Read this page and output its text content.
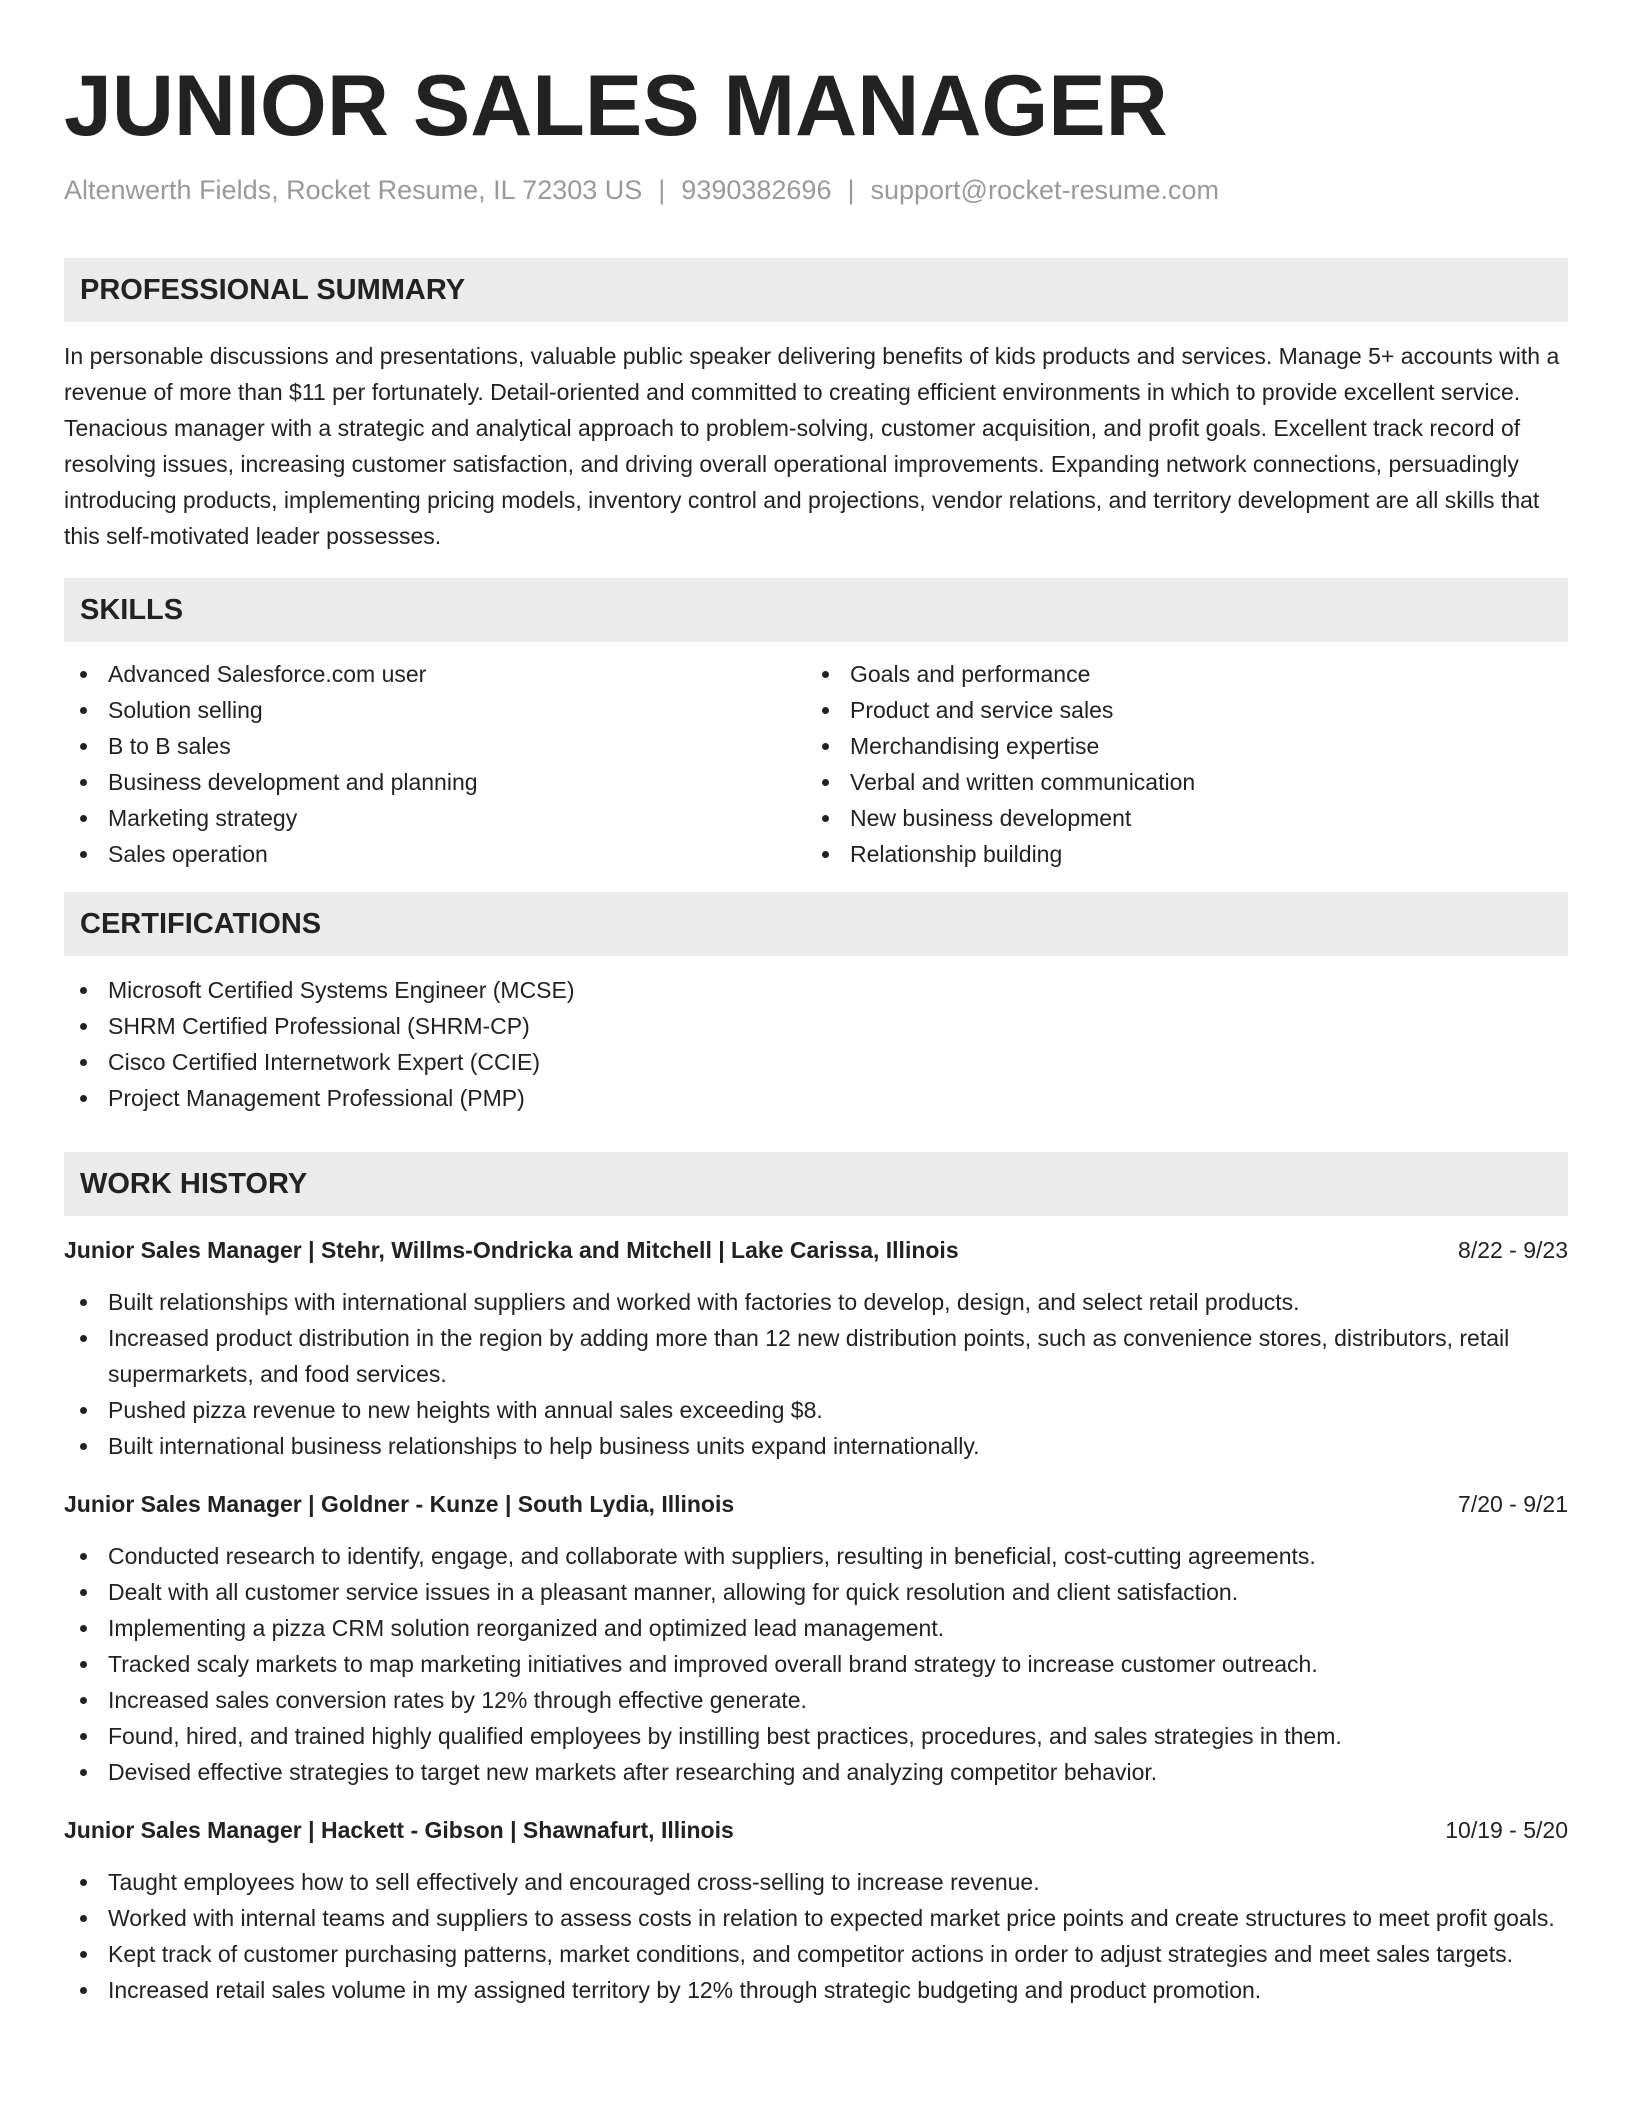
JUNIOR SALES MANAGER
Altenwerth Fields, Rocket Resume, IL 72303 US | 9390382696 | support@rocket-resume.com
PROFESSIONAL SUMMARY

In personable discussions and presentations, valuable public speaker delivering benefits of kids products and services. Manage 5+ accounts with a revenue of more than $11 per fortunately. Detail-oriented and committed to creating efficient environments in which to provide excellent service. Tenacious manager with a strategic and analytical approach to problem-solving, customer acquisition, and profit goals. Excellent track record of resolving issues, increasing customer satisfaction, and driving overall operational improvements. Expanding network connections, persuadingly introducing products, implementing pricing models, inventory control and projections, vendor relations, and territory development are all skills that this self-motivated leader possesses.

SKILLS
Advanced Salesforce.com user
Solution selling
B to B sales
Business development and planning
Marketing strategy
Sales operation
Goals and performance
Product and service sales
Merchandising expertise
Verbal and written communication
New business development
Relationship building
CERTIFICATIONS
Microsoft Certified Systems Engineer (MCSE)
SHRM Certified Professional (SHRM-CP)
Cisco Certified Internetwork Expert (CCIE)
Project Management Professional (PMP)
WORK HISTORY
Junior Sales Manager | Stehr, Willms-Ondricka and Mitchell | Lake Carissa, Illinois	8/22 - 9/23
Built relationships with international suppliers and worked with factories to develop, design, and select retail products.
Increased product distribution in the region by adding more than 12 new distribution points, such as convenience stores, distributors, retail supermarkets, and food services.
Pushed pizza revenue to new heights with annual sales exceeding $8.
Built international business relationships to help business units expand internationally.
Junior Sales Manager | Goldner - Kunze | South Lydia, Illinois	7/20 - 9/21
Conducted research to identify, engage, and collaborate with suppliers, resulting in beneficial, cost-cutting agreements.
Dealt with all customer service issues in a pleasant manner, allowing for quick resolution and client satisfaction.
Implementing a pizza CRM solution reorganized and optimized lead management.
Tracked scaly markets to map marketing initiatives and improved overall brand strategy to increase customer outreach.
Increased sales conversion rates by 12% through effective generate.
Found, hired, and trained highly qualified employees by instilling best practices, procedures, and sales strategies in them.
Devised effective strategies to target new markets after researching and analyzing competitor behavior.
Junior Sales Manager | Hackett - Gibson | Shawnafurt, Illinois	10/19 - 5/20
Taught employees how to sell effectively and encouraged cross-selling to increase revenue.
Worked with internal teams and suppliers to assess costs in relation to expected market price points and create structures to meet profit goals.
Kept track of customer purchasing patterns, market conditions, and competitor actions in order to adjust strategies and meet sales targets.
Increased retail sales volume in my assigned territory by 12% through strategic budgeting and product promotion.
